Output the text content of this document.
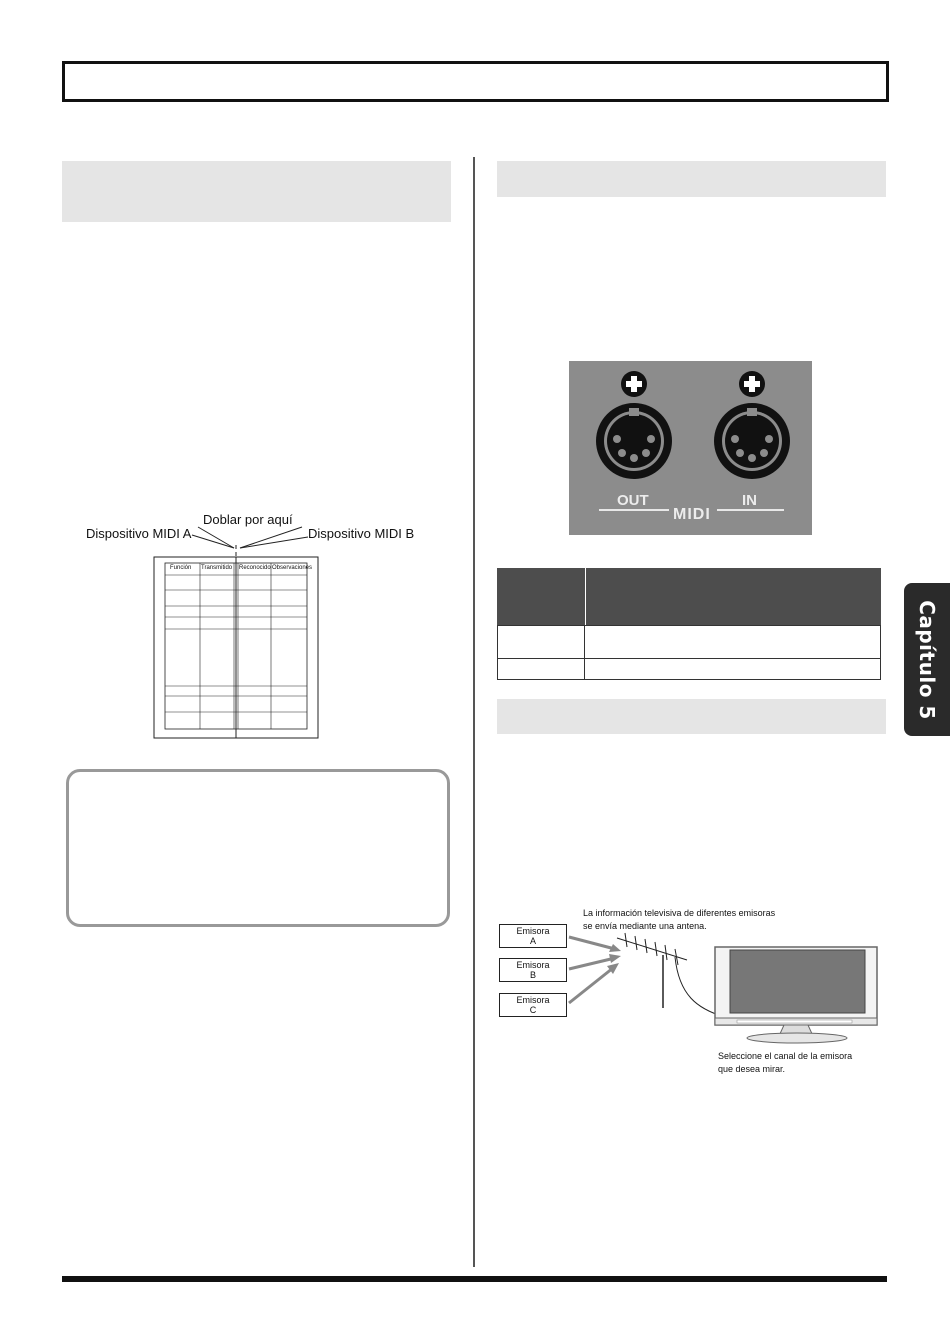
Doblar por aquí
Dispositivo MIDI A	Dispositivo MIDI B
Función Transmitido Reconocido Observaciones
OUT	IN
MIDI
La información televisiva de diferentes emisoras
se envía mediante una antena.
Emisora
A
Emisora
B
Emisora
C
Seleccione el canal de la emisora
que desea mirar.
Capítulo 5
